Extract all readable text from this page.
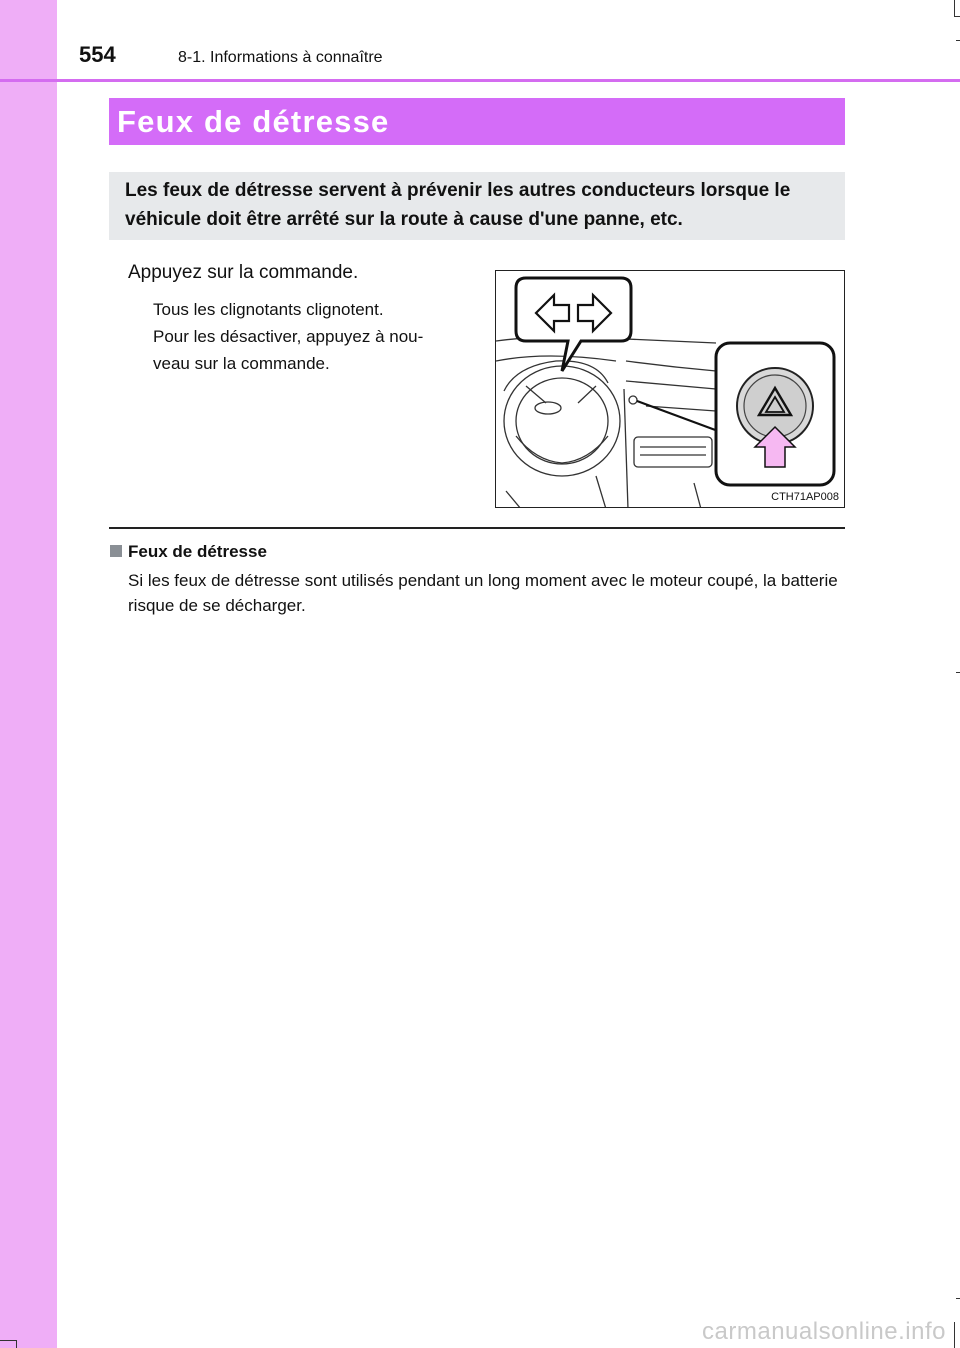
554	8-1. Informations à connaître
Feux de détresse
Les feux de détresse servent à prévenir les autres conducteurs lorsque le véhicule doit être arrêté sur la route à cause d'une panne, etc.
Appuyez sur la commande.
Tous les clignotants clignotent.
Pour les désactiver, appuyez à nou-
veau sur la commande.
CTH71AP008
Feux de détresse
Si les feux de détresse sont utilisés pendant un long moment avec le moteur coupé, la batterie risque de se décharger.
carmanualsonline.info
